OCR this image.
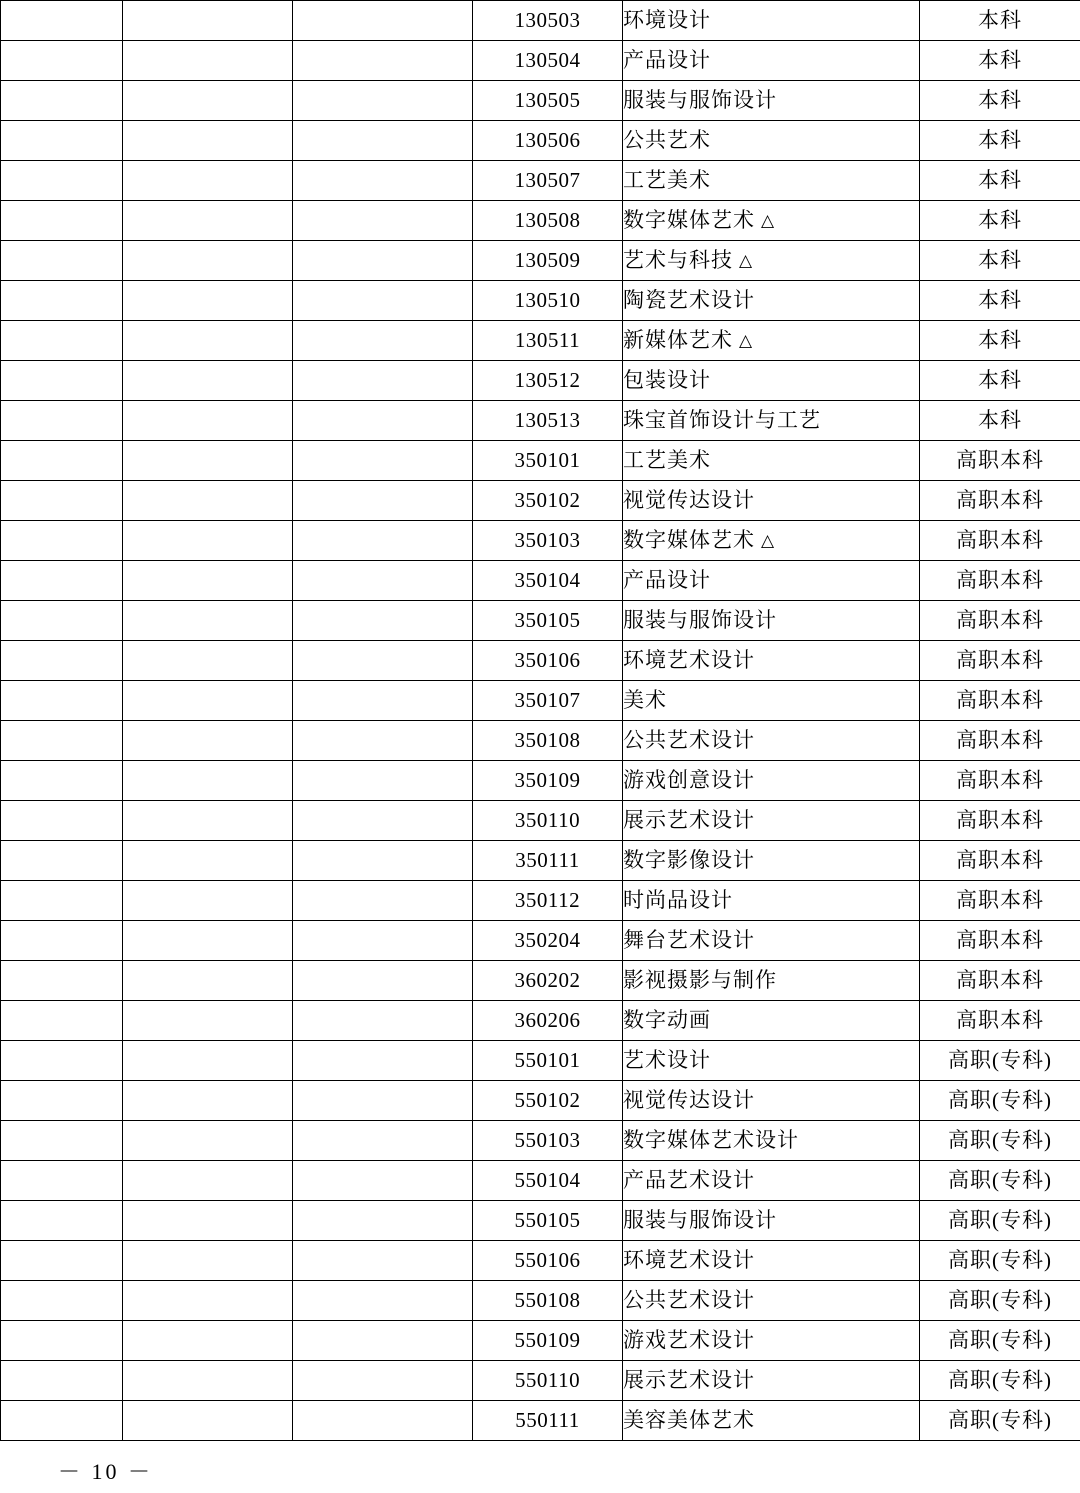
			130503	环境设计	本科
			130504	产品设计	本科
			130505	服装与服饰设计	本科
			130506	公共艺术	本科
			130507	工艺美术	本科
			130508	数字媒体艺术 △	本科
			130509	艺术与科技 △	本科
			130510	陶瓷艺术设计	本科
			130511	新媒体艺术 △	本科
			130512	包装设计	本科
			130513	珠宝首饰设计与工艺	本科
			350101	工艺美术	高职本科
			350102	视觉传达设计	高职本科
			350103	数字媒体艺术 △	高职本科
			350104	产品设计	高职本科
			350105	服装与服饰设计	高职本科
			350106	环境艺术设计	高职本科
			350107	美术	高职本科
			350108	公共艺术设计	高职本科
			350109	游戏创意设计	高职本科
			350110	展示艺术设计	高职本科
			350111	数字影像设计	高职本科
			350112	时尚品设计	高职本科
			350204	舞台艺术设计	高职本科
			360202	影视摄影与制作	高职本科
			360206	数字动画	高职本科
			550101	艺术设计	高职(专科)
			550102	视觉传达设计	高职(专科)
			550103	数字媒体艺术设计	高职(专科)
			550104	产品艺术设计	高职(专科)
			550105	服装与服饰设计	高职(专科)
			550106	环境艺术设计	高职(专科)
			550108	公共艺术设计	高职(专科)
			550109	游戏艺术设计	高职(专科)
			550110	展示艺术设计	高职(专科)
			550111	美容美体艺术	高职(专科)
－ 10 －
